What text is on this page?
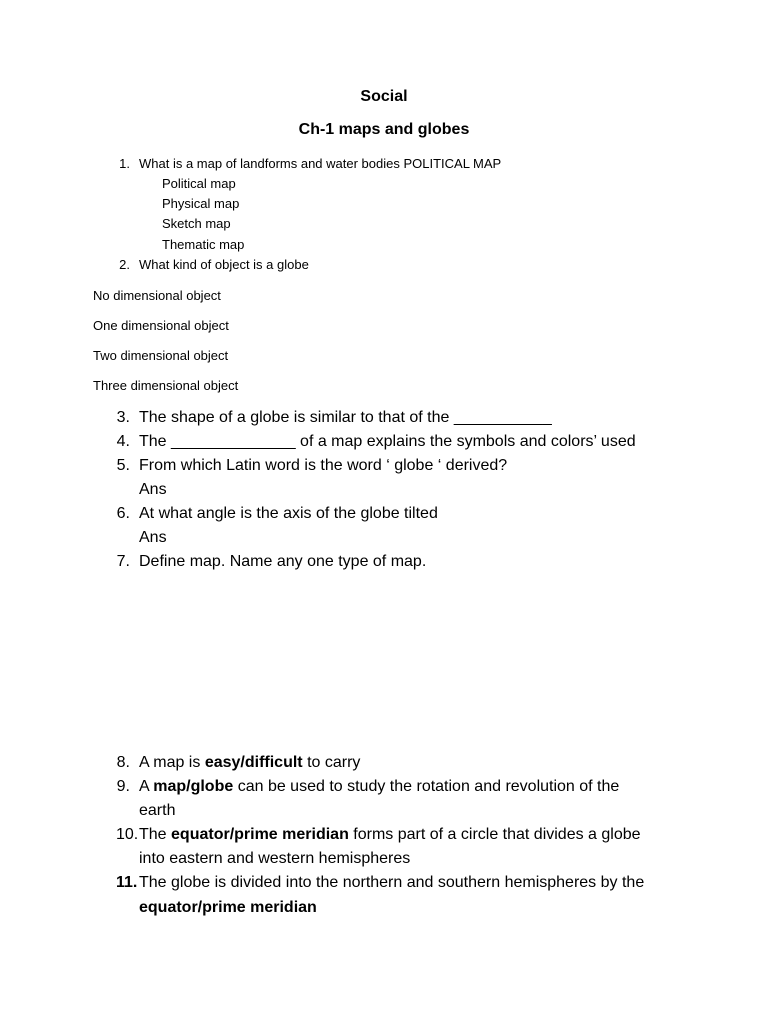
Social
Ch-1 maps and globes
1. What is a map of landforms and water bodies POLITICAL MAP
Political map
Physical map
Sketch map
Thematic map
2. What kind of object is a globe
No dimensional object
One dimensional object
Two dimensional object
Three dimensional object
3. The shape of a globe is similar to that of the ___________
4. The ______________ of a map explains the symbols and colors’ used
5. From which Latin word is the word ‘ globe ‘ derived?
Ans
6. At what angle is the axis of the globe tilted
Ans
7. Define map. Name any one type of map.
8. A map is easy/difficult to carry
9. A map/globe can be used to study the rotation and revolution of the
earth
10. The equator/prime meridian forms part of a circle that divides a globe
into eastern and western hemispheres
11. The globe is divided into the northern and southern hemispheres by the
equator/prime meridian
